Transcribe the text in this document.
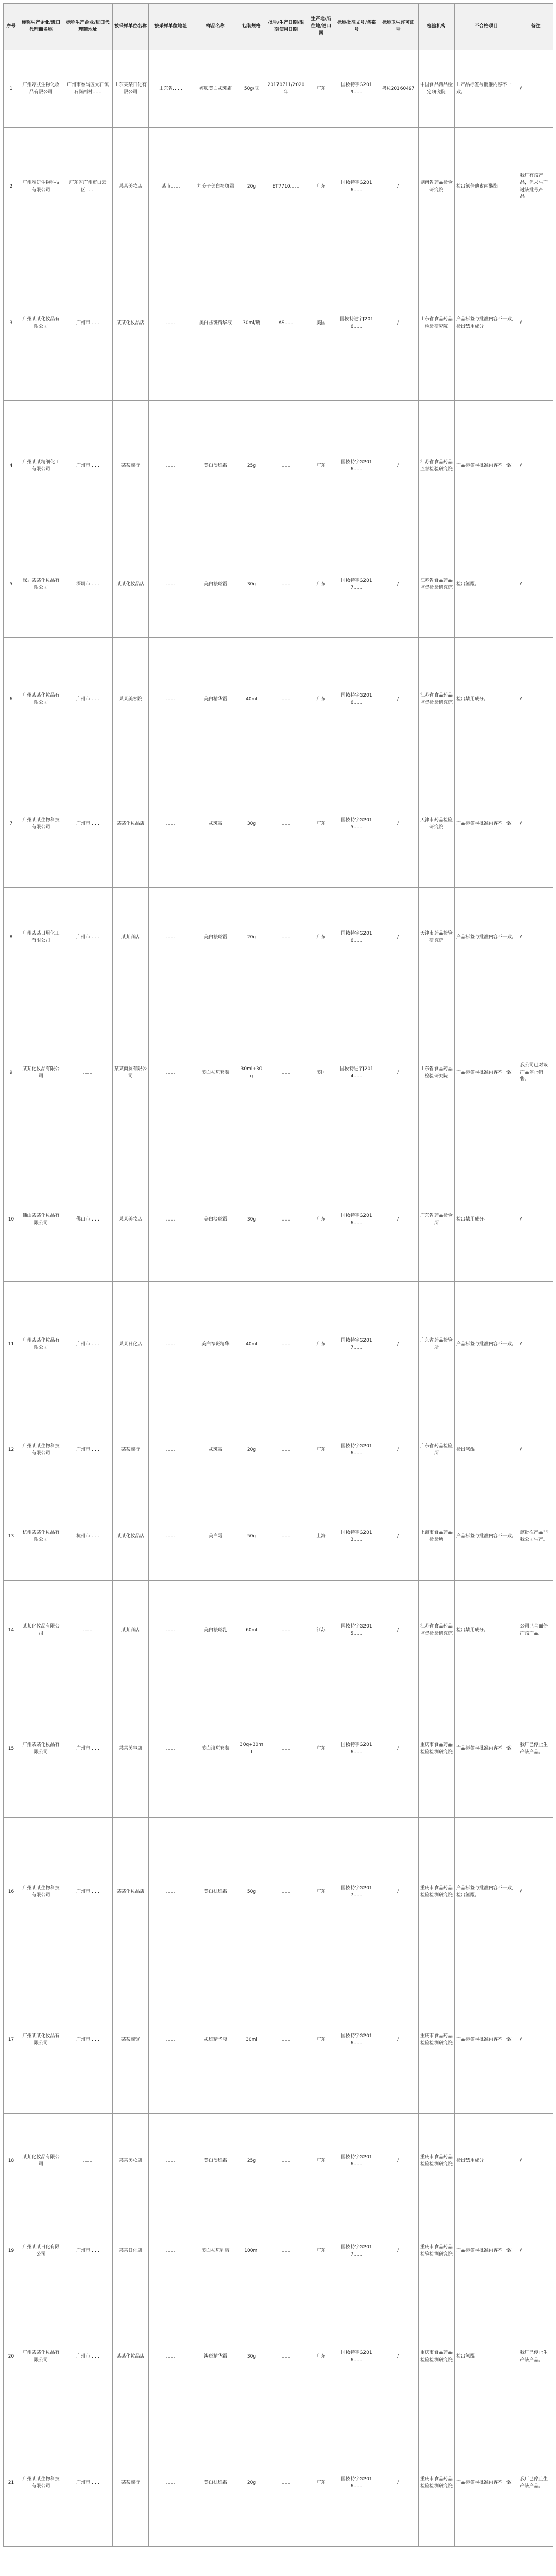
序号	标称生产企业/进口代理商名称	标称生产企业/进口代理商地址	被采样单位名称	被采样单位地址	样品名称	包装规格	批号/生产日期/限期使用日期	生产地/所在地/进口国	标称批准文号/备案号	标称卫生许可证号	检验机构	不合格项目	备注
1	广州婷肤生物化妆品有限公司	广州市番禺区大石镇石岗西村……	山东某某日化有限公司	山东省……	婷肤美白祛斑霜	50g/瓶	20170711/2020年	广东	国妆特字G2019……	粤妆20160497	中国食品药品检定研究院	1.产品标签与批准内容不一致。	/
2	广州雅妍生物科技有限公司	广东省广州市白云区……	某某美妆店	某市……	九美子美白祛斑霜	20g	ET7710……	广东	国妆特字G2016……	/	湖南省药品检验研究院	检出氯倍他索丙酸酯。	我厂有该产品，但未生产过该批号产品。
3	广州某某化妆品有限公司	广州市……	某某化妆品店	……	美白祛斑精华液	30ml/瓶	AS……	美国	国妆特进字J2016……	/	山东省食品药品检验研究院	产品标签与批准内容不一致，检出禁用成分。	/
4	广州某某精细化工有限公司	广州市……	某某商行	……	美白淡斑霜	25g	……	广东	国妆特字G2016……	/	江苏省食品药品监督检验研究院	产品标签与批准内容不一致。	/
5	深圳某某化妆品有限公司	深圳市……	某某化妆品店	……	美白祛斑霜	30g	……	广东	国妆特字G2017……	/	江苏省食品药品监督检验研究院	检出氢醌。	/
6	广州某某化妆品有限公司	广州市……	某某美容院	……	美白精华霜	40ml	……	广东	国妆特字G2016……	/	江苏省食品药品监督检验研究院	检出禁用成分。	/
7	广州某某生物科技有限公司	广州市……	某某化妆品店	……	祛斑霜	30g	……	广东	国妆特字G2015……	/	天津市药品检验研究院	产品标签与批准内容不一致。	/
8	广州某某日用化工有限公司	广州市……	某某商店	……	美白祛斑霜	20g	……	广东	国妆特字G2016……	/	天津市药品检验研究院	产品标签与批准内容不一致。	/
9	某某化妆品有限公司	……	某某商贸有限公司	……	美白祛斑套装	30ml+30g	……	美国	国妆特进字J2014……	/	山东省食品药品检验研究院	产品标签与批准内容不一致。	我公司已对该产品停止销售。
10	佛山某某化妆品有限公司	佛山市……	某某美妆店	……	美白淡斑霜	30g	……	广东	国妆特字G2016……	/	广东省药品检验所	检出禁用成分。	/
11	广州某某化妆品有限公司	广州市……	某某日化店	……	美白祛斑精华	40ml	……	广东	国妆特字G2017……	/	广东省药品检验所	产品标签与批准内容不一致。	/
12	广州某某生物科技有限公司	广州市……	某某商行	……	祛斑霜	20g	……	广东	国妆特字G2016……	/	广东省药品检验所	检出氢醌。	/
13	杭州某某化妆品有限公司	杭州市……	某某化妆品店	……	美白霜	50g	……	上海	国妆特字G2013……	/	上海市食品药品检验所	产品标签与批准内容不一致。	该批次产品非我公司生产。
14	某某化妆品有限公司	……	某某商店	……	美白祛斑乳	60ml	……	江苏	国妆特字G2015……	/	江苏省食品药品监督检验研究院	检出禁用成分。	公司已全面停产该产品。
15	广州某某化妆品有限公司	广州市……	某某美容店	……	美白淡斑套装	30g+30ml	……	广东	国妆特字G2016……	/	重庆市食品药品检验检测研究院	产品标签与批准内容不一致。	我厂已停止生产该产品。
16	广州某某生物科技有限公司	广州市……	某某化妆品店	……	美白祛斑霜	50g	……	广东	国妆特字G2017……	/	重庆市食品药品检验检测研究院	产品标签与批准内容不一致，检出氢醌。	/
17	广州某某化妆品有限公司	广州市……	某某商贸	……	祛斑精华液	30ml	……	广东	国妆特字G2016……	/	重庆市食品药品检验检测研究院	产品标签与批准内容不一致。	/
18	某某化妆品有限公司	……	某某美妆店	……	美白淡斑霜	25g	……	广东	国妆特字G2016……	/	重庆市食品药品检验检测研究院	检出禁用成分。	/
19	广州某某日化有限公司	广州市……	某某日化店	……	美白祛斑乳液	100ml	……	广东	国妆特字G2017……	/	重庆市食品药品检验检测研究院	产品标签与批准内容不一致。	/
20	广州某某化妆品有限公司	广州市……	某某化妆品店	……	淡斑精华霜	30g	……	广东	国妆特字G2016……	/	重庆市食品药品检验检测研究院	检出氢醌。	我厂已停止生产该产品。
21	广州某某生物科技有限公司	广州市……	某某商行	……	美白祛斑霜	20g	……	广东	国妆特字G2016……	/	重庆市食品药品检验检测研究院	产品标签与批准内容不一致。	我厂已停止生产该产品。
